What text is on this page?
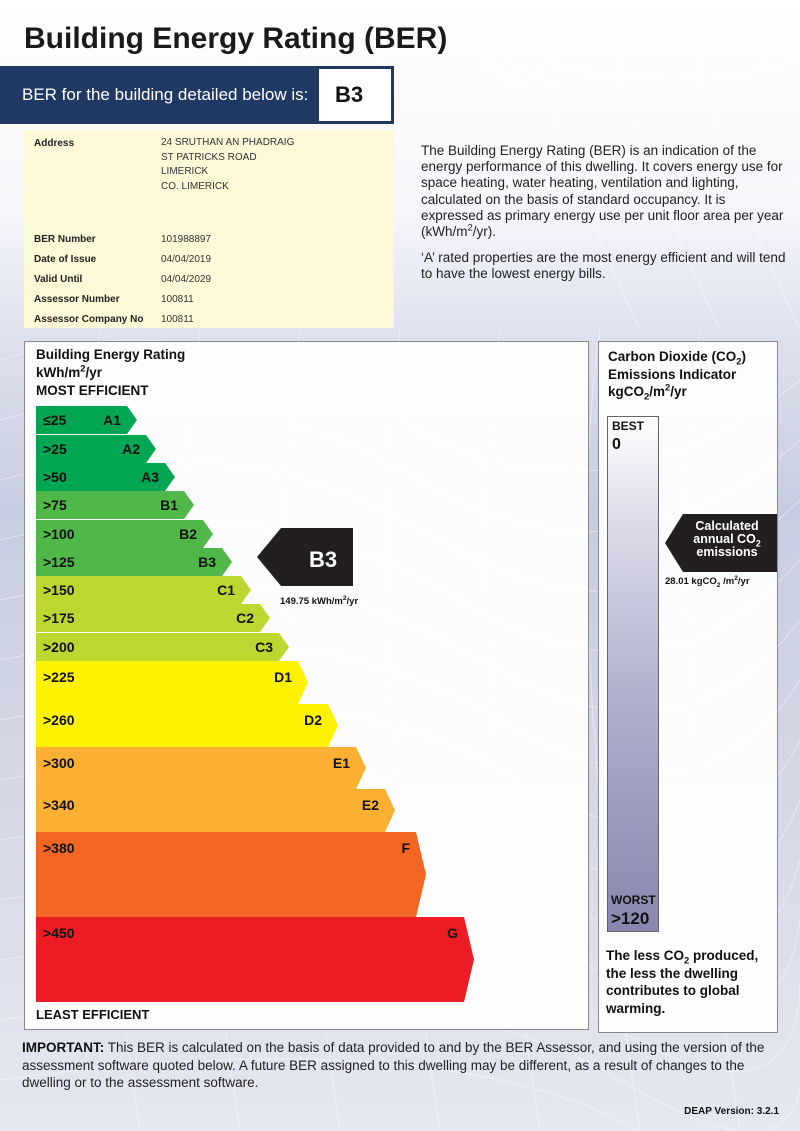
Building Energy Rating (BER)
BER for the building detailed below is:	B3
Address	24 SRUTHAN AN PHADRAIG
ST PATRICKS ROAD
LIMERICK
CO. LIMERICK
BER Number	101988897
Date of Issue	04/04/2019
Valid Until	04/04/2029
Assessor Number	100811
Assessor Company No 100811

The Building Energy Rating (BER) is an indication of the energy performance of this dwelling. It covers energy use for space heating, water heating, ventilation and lighting, calculated on the basis of standard occupancy. It is expressed as primary energy use per unit floor area per year $(kWh/m^2/yr)$.

‘A’ rated properties are the most energy efficient and will tend to have the lowest energy bills.

Building Energy Rating
kWh/$m^2/yr$
MOST EFFICIENT
≤25	A1
>25	A2
>50	A3
>75	B1
>100	B2
>125	B3
>150	C1
>175	C2
>200	C3
>225	D1
>260	D2
>300	E1
>340	E2
>380	F
>450	G
B3
149.75 kWh/$m^2/yr$
LEAST EFFICIENT
Carbon Dioxide $(CO_2)$
Emissions Indicator
$kgCO_2/m^2/yr$
BEST
0
WORST
>120
Calculated
annual $CO_2$
emissions
28.01 kgCO$_2$ $/m^2/yr$
The less $CO_2$ produced, the less the dwelling contributes to global warming.
IMPORTANT: This BER is calculated on the basis of data provided to and by the BER Assessor, and using the version of the assessment software quoted below. A future BER assigned to this dwelling may be different, as a result of changes to the dwelling or to the assessment software.
DEAP Version: 3.2.1
